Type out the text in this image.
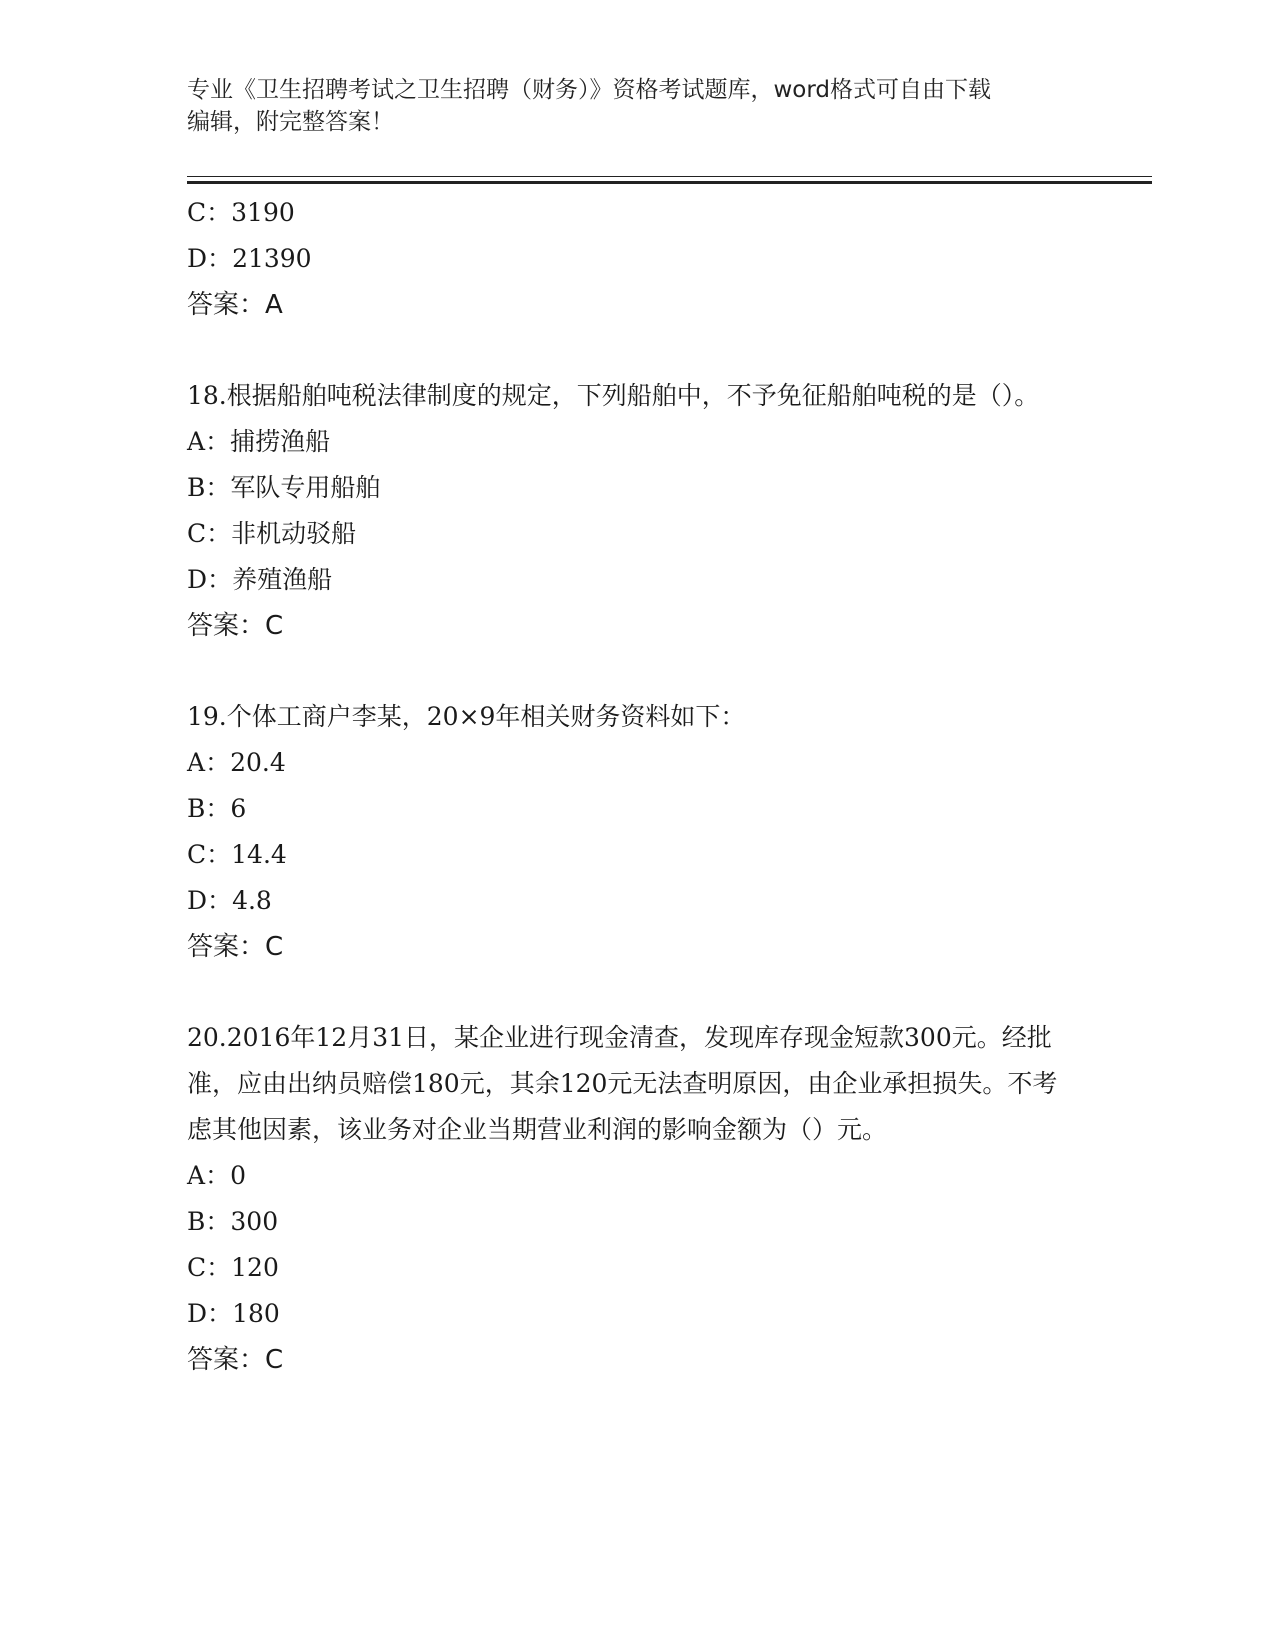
专业《卫生招聘考试之卫生招聘（财务）》资格考试题库，word格式可自由下载
编辑，附完整答案！
C：3190
D：21390
答案：A
18.根据船舶吨税法律制度的规定，下列船舶中，不予免征船舶吨税的是（）。
A：捕捞渔船
B：军队专用船舶
C：非机动驳船
D：养殖渔船
答案：C
19.个体工商户李某，20×9年相关财务资料如下：
A：20.4
B：6
C：14.4
D：4.8
答案：C
20.2016年12月31日，某企业进行现金清查，发现库存现金短款300元。经批准，应由出纳员赔偿180元，其余120元无法查明原因，由企业承担损失。不考虑其他因素，该业务对企业当期营业利润的影响金额为（）元。
A：0
B：300
C：120
D：180
答案：C
